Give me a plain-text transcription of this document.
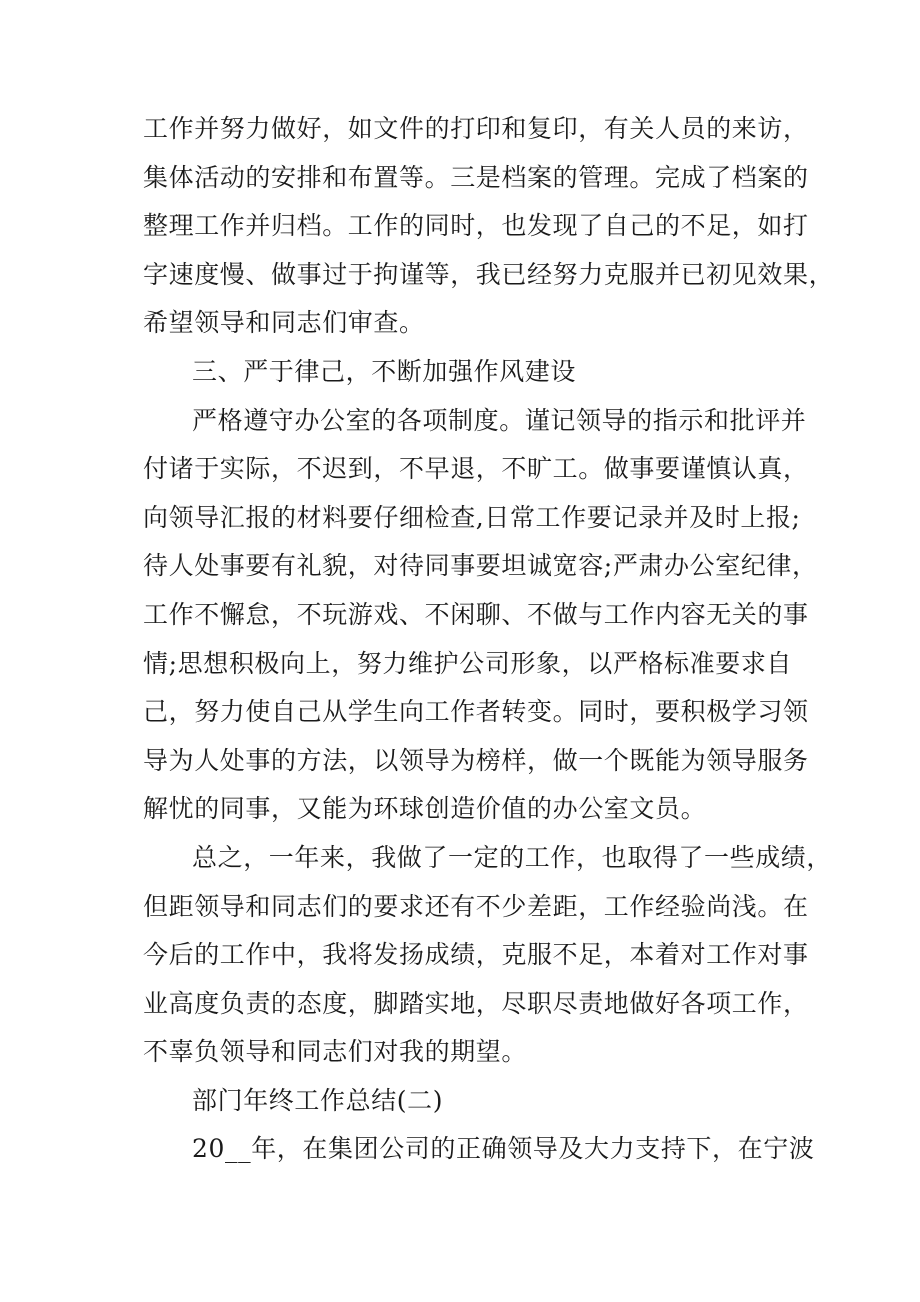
工作并努力做好，如文件的打印和复印，有关人员的来访，
集体活动的安排和布置等。三是档案的管理。完成了档案的
整理工作并归档。工作的同时，也发现了自己的不足，如打
字速度慢、做事过于拘谨等，我已经努力克服并已初见效果，
希望领导和同志们审查。
三、严于律己，不断加强作风建设
严格遵守办公室的各项制度。谨记领导的指示和批评并
付诸于实际，不迟到，不早退，不旷工。做事要谨慎认真，
向领导汇报的材料要仔细检查,日常工作要记录并及时上报;
待人处事要有礼貌，对待同事要坦诚宽容;严肃办公室纪律，
工作不懈怠，不玩游戏、不闲聊、不做与工作内容无关的事
情;思想积极向上，努力维护公司形象，以严格标准要求自
己，努力使自己从学生向工作者转变。同时，要积极学习领
导为人处事的方法，以领导为榜样，做一个既能为领导服务
解忧的同事，又能为环球创造价值的办公室文员。
总之，一年来，我做了一定的工作，也取得了一些成绩，
但距领导和同志们的要求还有不少差距，工作经验尚浅。在
今后的工作中，我将发扬成绩，克服不足，本着对工作对事
业高度负责的态度，脚踏实地，尽职尽责地做好各项工作，
不辜负领导和同志们对我的期望。
部门年终工作总结(二)
20__年，在集团公司的正确领导及大力支持下，在宁波
